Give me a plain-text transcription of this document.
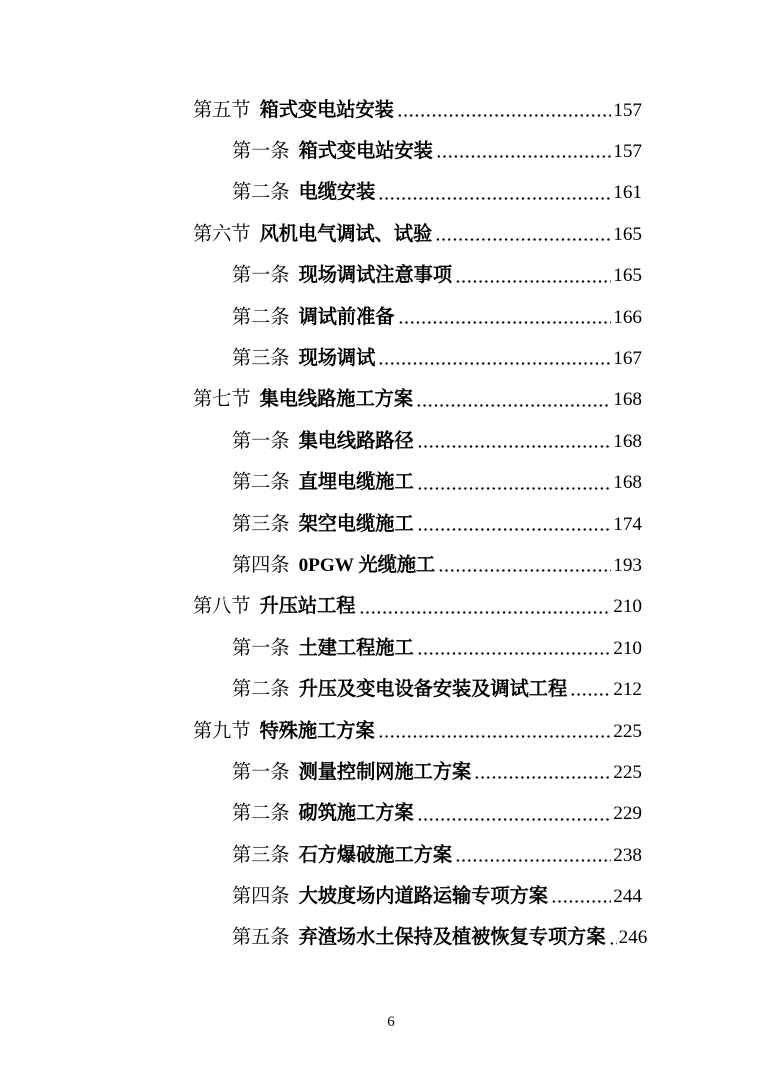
第五节 箱式变电站安装	157
第一条 箱式变电站安装	157
第二条 电缆安装	161
第六节 风机电气调试、试验	165
第一条 现场调试注意事项	165
第二条 调试前准备	166
第三条 现场调试	167
第七节 集电线路施工方案	168
第一条 集电线路路径	168
第二条 直埋电缆施工	168
第三条 架空电缆施工	174
第四条 0PGW 光缆施工	193
第八节 升压站工程	210
第一条 土建工程施工	210
第二条 升压及变电设备安装及调试工程 212
第九节 特殊施工方案	225
第一条 测量控制网施工方案	225
第二条 砌筑施工方案	229
第三条 石方爆破施工方案	238
第四条 大坡度场内道路运输专项方案	244
第五条 弃渣场水土保持及植被恢复专项方案 246
6
